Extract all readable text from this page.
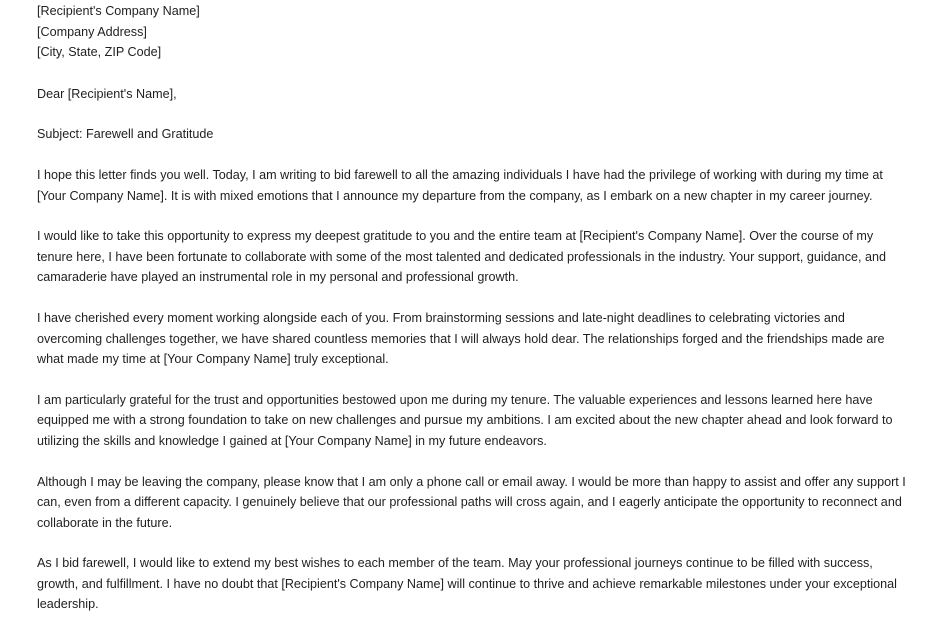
[Recipient's Company Name]
[Company Address]
[City, State, ZIP Code]
Dear [Recipient's Name],
Subject: Farewell and Gratitude

I hope this letter finds you well. Today, I am writing to bid farewell to all the amazing individuals I have had the privilege of working with during my time at [Your Company Name]. It is with mixed emotions that I announce my departure from the company, as I embark on a new chapter in my career journey.

I would like to take this opportunity to express my deepest gratitude to you and the entire team at [Recipient's Company Name]. Over the course of my tenure here, I have been fortunate to collaborate with some of the most talented and dedicated professionals in the industry. Your support, guidance, and camaraderie have played an instrumental role in my personal and professional growth.

I have cherished every moment working alongside each of you. From brainstorming sessions and late-night deadlines to celebrating victories and overcoming challenges together, we have shared countless memories that I will always hold dear. The relationships forged and the friendships made are what made my time at [Your Company Name] truly exceptional.

I am particularly grateful for the trust and opportunities bestowed upon me during my tenure. The valuable experiences and lessons learned here have equipped me with a strong foundation to take on new challenges and pursue my ambitions. I am excited about the new chapter ahead and look forward to utilizing the skills and knowledge I gained at [Your Company Name] in my future endeavors.

Although I may be leaving the company, please know that I am only a phone call or email away. I would be more than happy to assist and offer any support I can, even from a different capacity. I genuinely believe that our professional paths will cross again, and I eagerly anticipate the opportunity to reconnect and collaborate in the future.

As I bid farewell, I would like to extend my best wishes to each member of the team. May your professional journeys continue to be filled with success, growth, and fulfillment. I have no doubt that [Recipient's Company Name] will continue to thrive and achieve remarkable milestones under your exceptional leadership.
